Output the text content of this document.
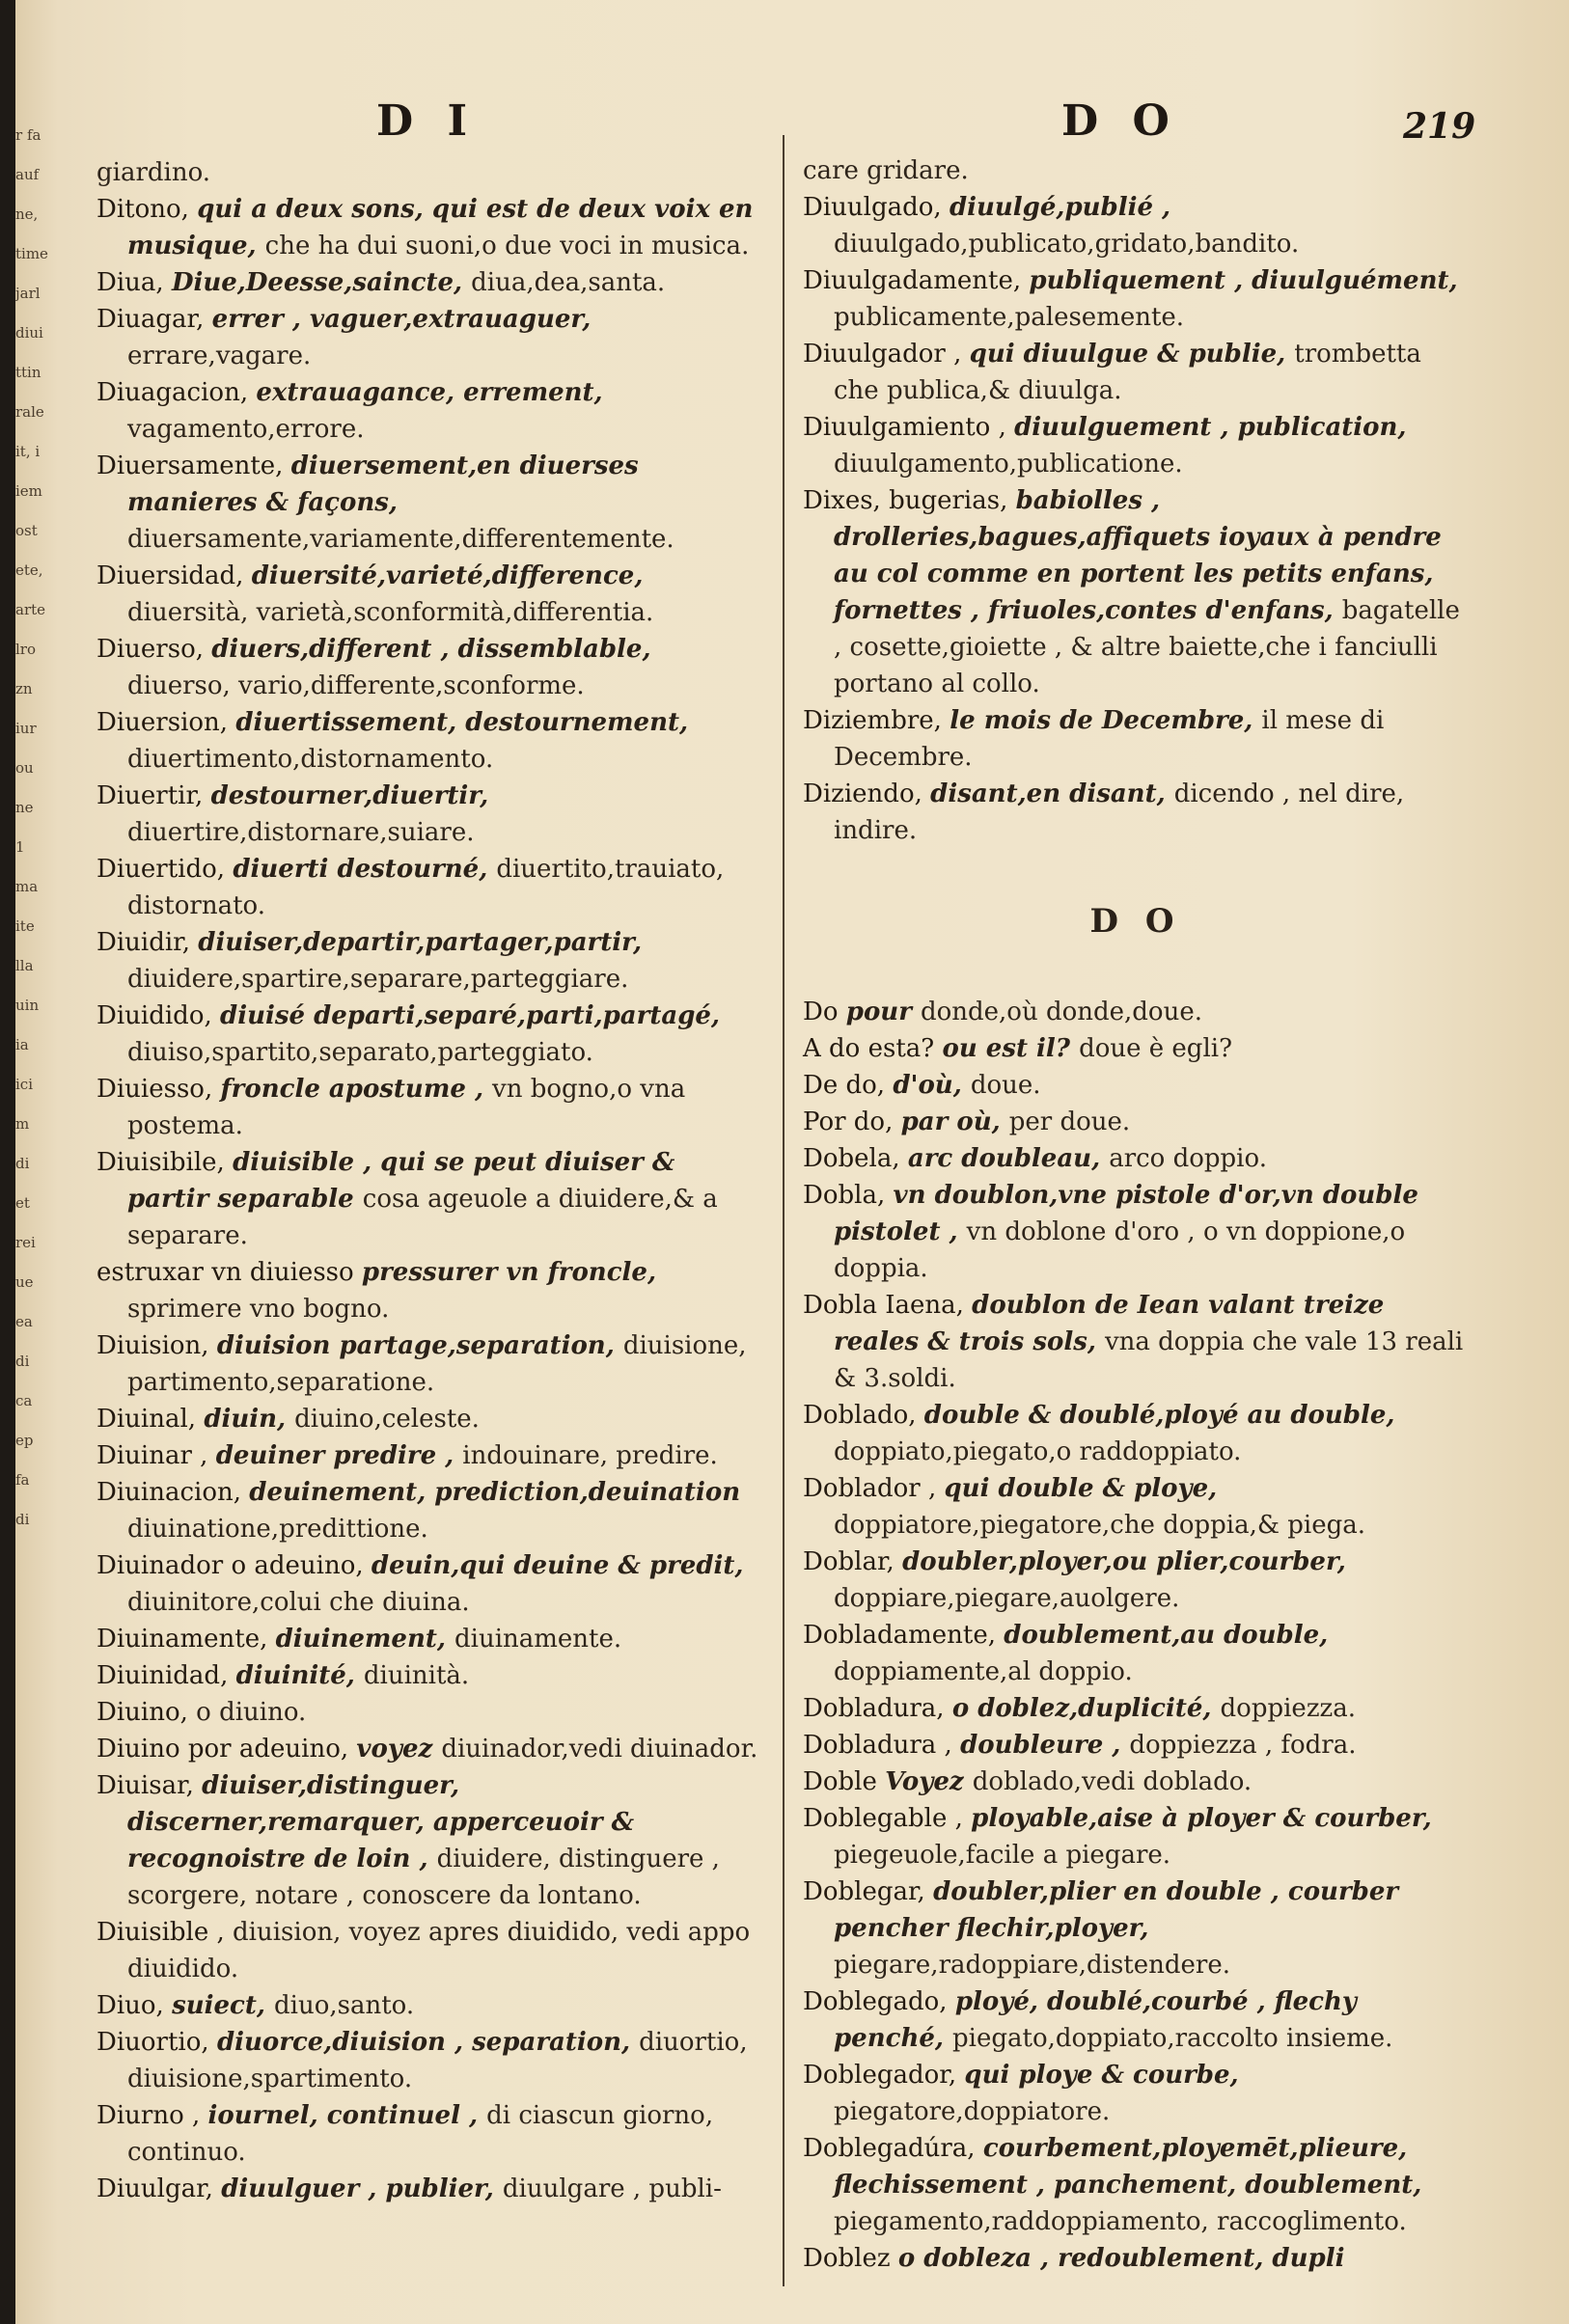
r fa
auf
ne,
time
jarl
diui
ttin
rale
it, i
iem
ost
ete,
arte
lro
zn
iur
ou
ne
1
ma
ite
lla
uin
ia
ici
m
di
et
rei
ue
ea
di
ca
ep
fa
di
D I	D O	219
giardino.
Ditono, qui a deux sons, qui est de deux voix en musique, che ha dui suoni,o due voci in musica.
Diua, Diue,Deesse,saincte, diua,dea,santa.
Diuagar, errer , vaguer,extrauaguer, errare,vagare.
Diuagacion, extrauagance, errement, vagamento,errore.
Diuersamente, diuersement,en diuerses manieres & façons, diuersamente,variamente,differentemente.
Diuersidad, diuersité,varieté,difference, diuersità, varietà,sconformità,differentia.
Diuerso, diuers,different , dissemblable, diuerso, vario,differente,sconforme.
Diuersion, diuertissement, destournement, diuertimento,distornamento.
Diuertir, destourner,diuertir, diuertire,distornare,suiare.
Diuertido, diuerti destourné, diuertito,trauiato, distornato.
Diuidir, diuiser,departir,partager,partir, diuidere,spartire,separare,parteggiare.
Diuidido, diuisé departi,separé,parti,partagé, diuiso,spartito,separato,parteggiato.
Diuiesso, froncle apostume , vn bogno,o vna postema.
Diuisibile, diuisible , qui se peut diuiser & partir separable cosa ageuole a diuidere,& a separare.
estruxar vn diuiesso pressurer vn froncle, sprimere vno bogno.
Diuision, diuision partage,separation, diuisione, partimento,separatione.
Diuinal, diuin, diuino,celeste.
Diuinar , deuiner predire , indouinare, predire.
Diuinacion, deuinement, prediction,deuination diuinatione,predittione.
Diuinador o adeuino, deuin,qui deuine & predit, diuinitore,colui che diuina.
Diuinamente, diuinement, diuinamente.
Diuinidad, diuinité, diuinità.
Diuino, o diuino.
Diuino por adeuino, voyez diuinador,vedi diuinador.
Diuisar, diuiser,distinguer, discerner,remarquer, apperceuoir & recognoistre de loin , diuidere, distinguere , scorgere, notare , conoscere da lontano.
Diuisible , diuision, voyez apres diuidido, vedi appo diuidido.
Diuo, suiect, diuo,santo.
Diuortio, diuorce,diuision , separation, diuortio, diuisione,spartimento.
Diurno , iournel, continuel , di ciascun giorno, continuo.
Diuulgar, diuulguer , publier, diuulgare , publi-
care gridare.
Diuulgado, diuulgé,publié , diuulgado,publicato,gridato,bandito.
Diuulgadamente, publiquement , diuulguément, publicamente,palesemente.
Diuulgador , qui diuulgue & publie, trombetta che publica,& diuulga.
Diuulgamiento , diuulguement , publication, diuulgamento,publicatione.
Dixes, bugerias, babiolles , drolleries,bagues,affiquets ioyaux à pendre au col comme en portent les petits enfans, fornettes , friuoles,contes d'enfans, bagatelle , cosette,gioiette , & altre baiette,che i fanciulli portano al collo.
Diziembre, le mois de Decembre, il mese di Decembre.
Diziendo, disant,en disant, dicendo , nel dire, indire.
D O
Do pour donde,où donde,doue.
A do esta? ou est il? doue è egli?
De do, d'où, doue.
Por do, par où, per doue.
Dobela, arc doubleau, arco doppio.
Dobla, vn doublon,vne pistole d'or,vn double pistolet , vn doblone d'oro , o vn doppione,o doppia.
Dobla Iaena, doublon de Iean valant treize reales & trois sols, vna doppia che vale 13 reali & 3.soldi.
Doblado, double & doublé,ployé au double, doppiato,piegato,o raddoppiato.
Doblador , qui double & ploye, doppiatore,piegatore,che doppia,& piega.
Doblar, doubler,ployer,ou plier,courber, doppiare,piegare,auolgere.
Dobladamente, doublement,au double, doppiamente,al doppio.
Dobladura, o doblez,duplicité, doppiezza.
Dobladura , doubleure , doppiezza , fodra.
Doble Voyez doblado,vedi doblado.
Doblegable , ployable,aise à ployer & courber, piegeuole,facile a piegare.
Doblegar, doubler,plier en double , courber pencher flechir,ployer, piegare,radoppiare,distendere.
Doblegado, ployé, doublé,courbé , flechy penché, piegato,doppiato,raccolto insieme.
Doblegador, qui ploye & courbe, piegatore,doppiatore.
Doblegadúra, courbement,ployemēt,plieure, flechissement , panchement, doublement, piegamento,raddoppiamento, raccoglimento.
Doblez o dobleza , redoublement, dupli
